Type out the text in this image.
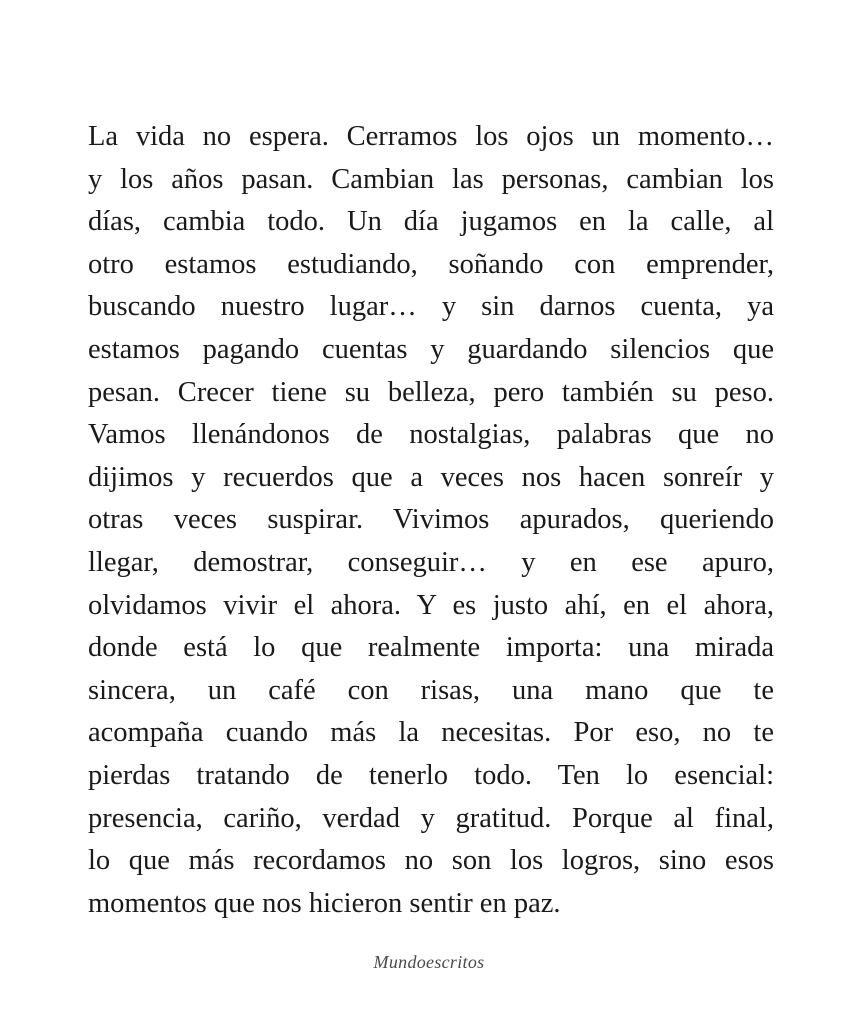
La vida no espera. Cerramos los ojos un momento…
y los años pasan. Cambian las personas, cambian los
días, cambia todo. Un día jugamos en la calle, al
otro estamos estudiando, soñando con emprender,
buscando nuestro lugar… y sin darnos cuenta, ya
estamos pagando cuentas y guardando silencios que
pesan. Crecer tiene su belleza, pero también su peso.
Vamos llenándonos de nostalgias, palabras que no
dijimos y recuerdos que a veces nos hacen sonreír y
otras veces suspirar. Vivimos apurados, queriendo
llegar, demostrar, conseguir… y en ese apuro,
olvidamos vivir el ahora. Y es justo ahí, en el ahora,
donde está lo que realmente importa: una mirada
sincera, un café con risas, una mano que te
acompaña cuando más la necesitas. Por eso, no te
pierdas tratando de tenerlo todo. Ten lo esencial:
presencia, cariño, verdad y gratitud. Porque al final,
lo que más recordamos no son los logros, sino esos
momentos que nos hicieron sentir en paz.

Mundoescritos
